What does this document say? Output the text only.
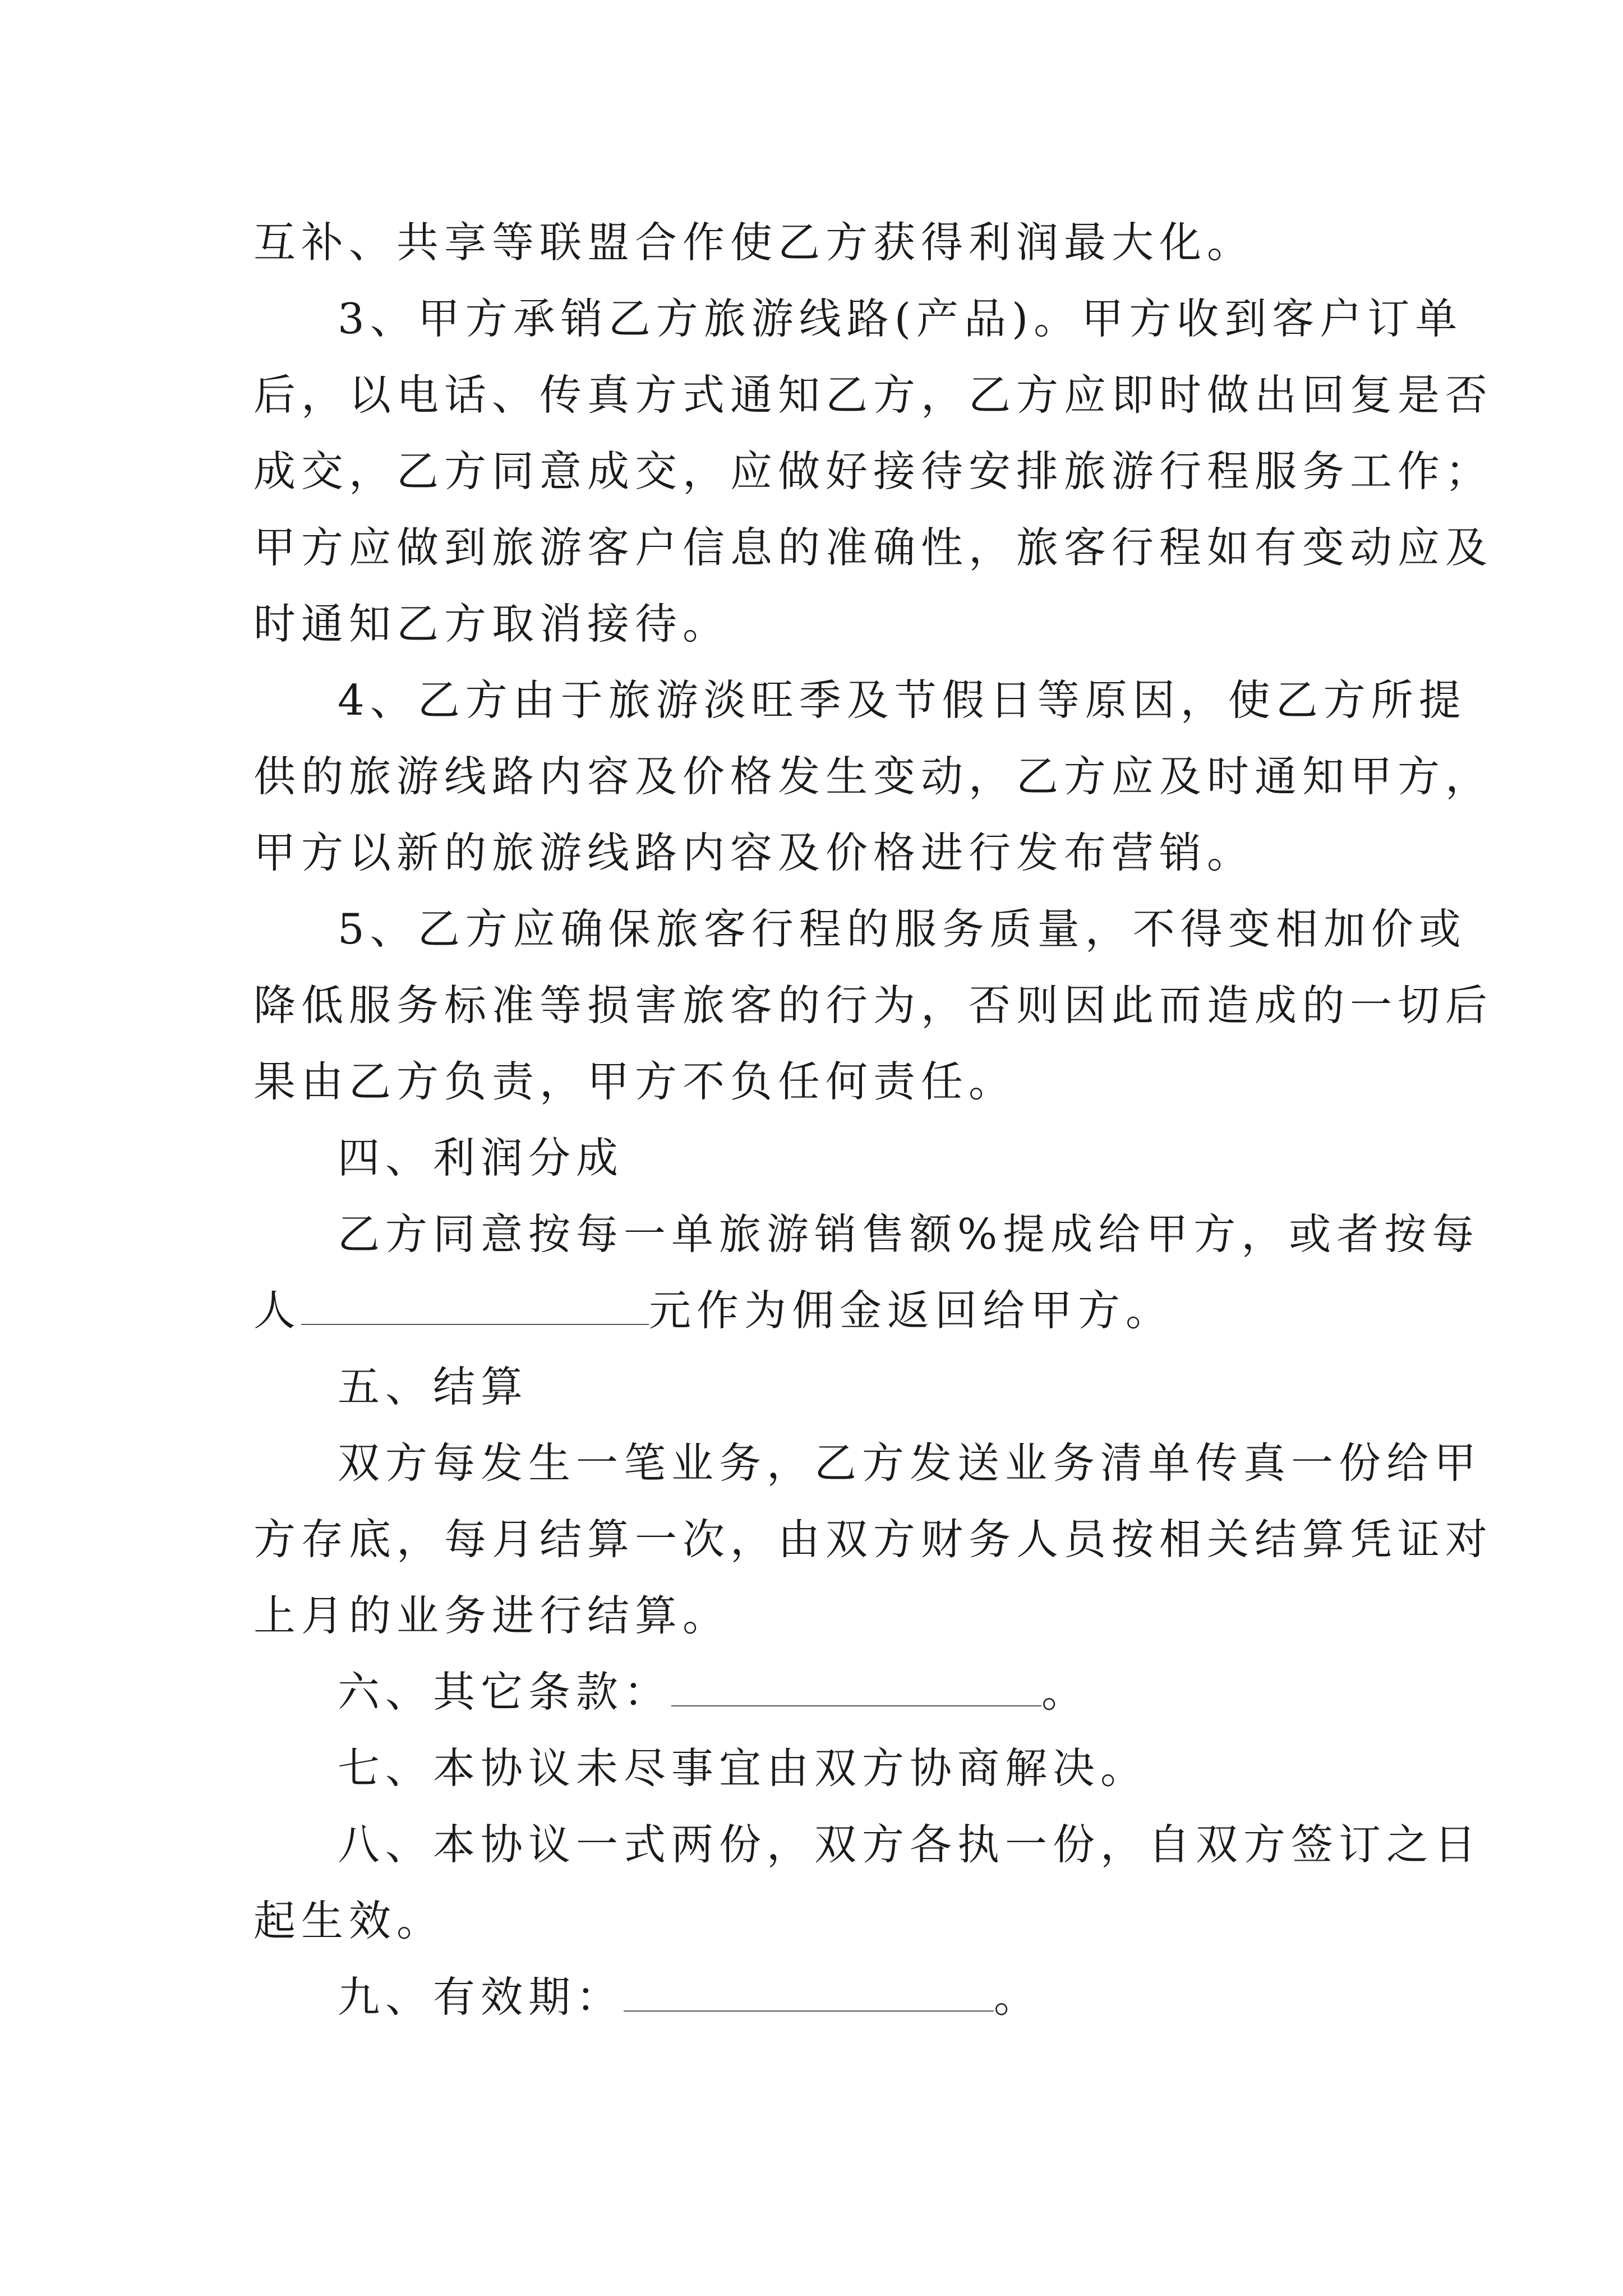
互补、共享等联盟合作使乙方获得利润最大化。

3、甲方承销乙方旅游线路(产品)。甲方收到客户订单

后，以电话、传真方式通知乙方，乙方应即时做出回复是否

成交，乙方同意成交，应做好接待安排旅游行程服务工作；

甲方应做到旅游客户信息的准确性，旅客行程如有变动应及

时通知乙方取消接待。

4、乙方由于旅游淡旺季及节假日等原因，使乙方所提

供的旅游线路内容及价格发生变动，乙方应及时通知甲方，

甲方以新的旅游线路内容及价格进行发布营销。

5、乙方应确保旅客行程的服务质量，不得变相加价或

降低服务标准等损害旅客的行为，否则因此而造成的一切后

果由乙方负责，甲方不负任何责任。

四、利润分成

乙方同意按每一单旅游销售额%提成给甲方，或者按每

人	元作为佣金返回给甲方。

五、结算

双方每发生一笔业务，乙方发送业务清单传真一份给甲

方存底，每月结算一次，由双方财务人员按相关结算凭证对

上月的业务进行结算。

六、其它条款：	。

七、本协议未尽事宜由双方协商解决。

八、本协议一式两份，双方各执一份，自双方签订之日

起生效。

九、有效期：	。
